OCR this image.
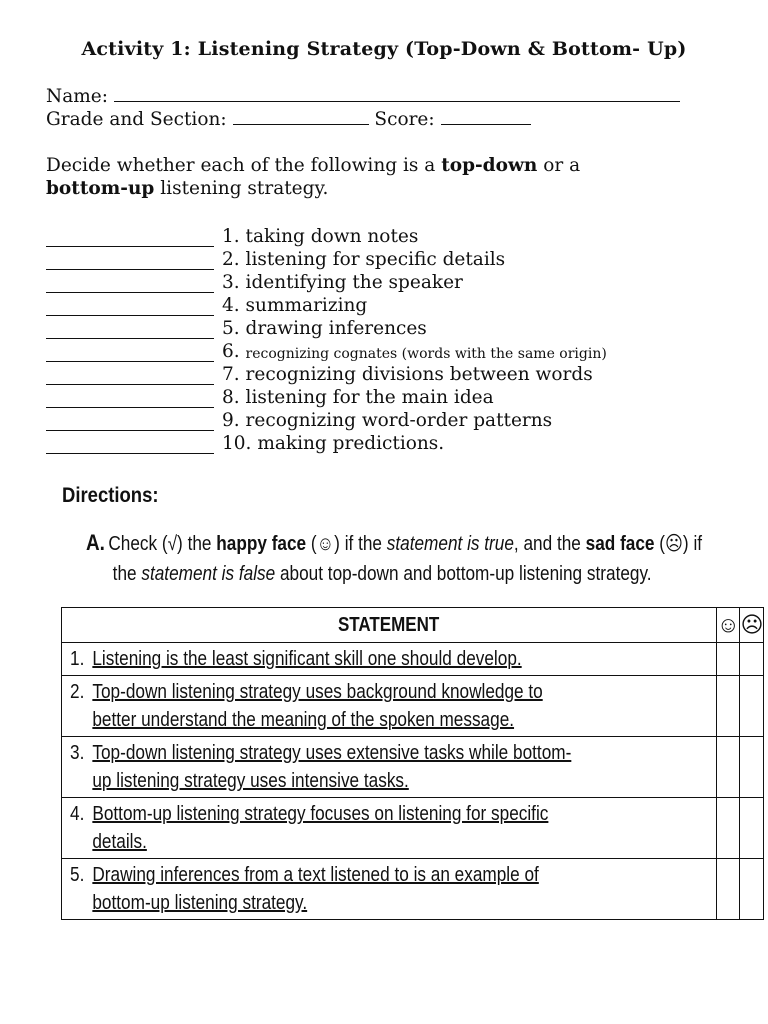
Activity 1: Listening Strategy (Top-Down & Bottom- Up)
Name:
Grade and Section:	Score:
Decide whether each of the following is a top-down or a
bottom-up listening strategy.
1.
taking down notes
2.
listening for specific details
3.
identifying the speaker
4.
summarizing
5.
drawing inferences
6.
recognizing cognates (words with the same origin)
7.
recognizing divisions between words
8.
listening for the main idea
9.
recognizing word-order patterns
10.
making predictions.
Directions:
A. Check (√) the happy face (☺) if the statement is true, and the sad face (☹) if
the statement is false about top-down and bottom-up listening strategy.
STATEMENT	☺	☹

1. Listening is the least significant skill one should develop.		

2. Top-down listening strategy uses background knowledge to better understand the meaning of the spoken message.		

3. Top-down listening strategy uses extensive tasks while bottom-up listening strategy uses intensive tasks.		

4. Bottom-up listening strategy focuses on listening for specific details.		

5. Drawing inferences from a text listened to is an example of bottom-up listening strategy.		
